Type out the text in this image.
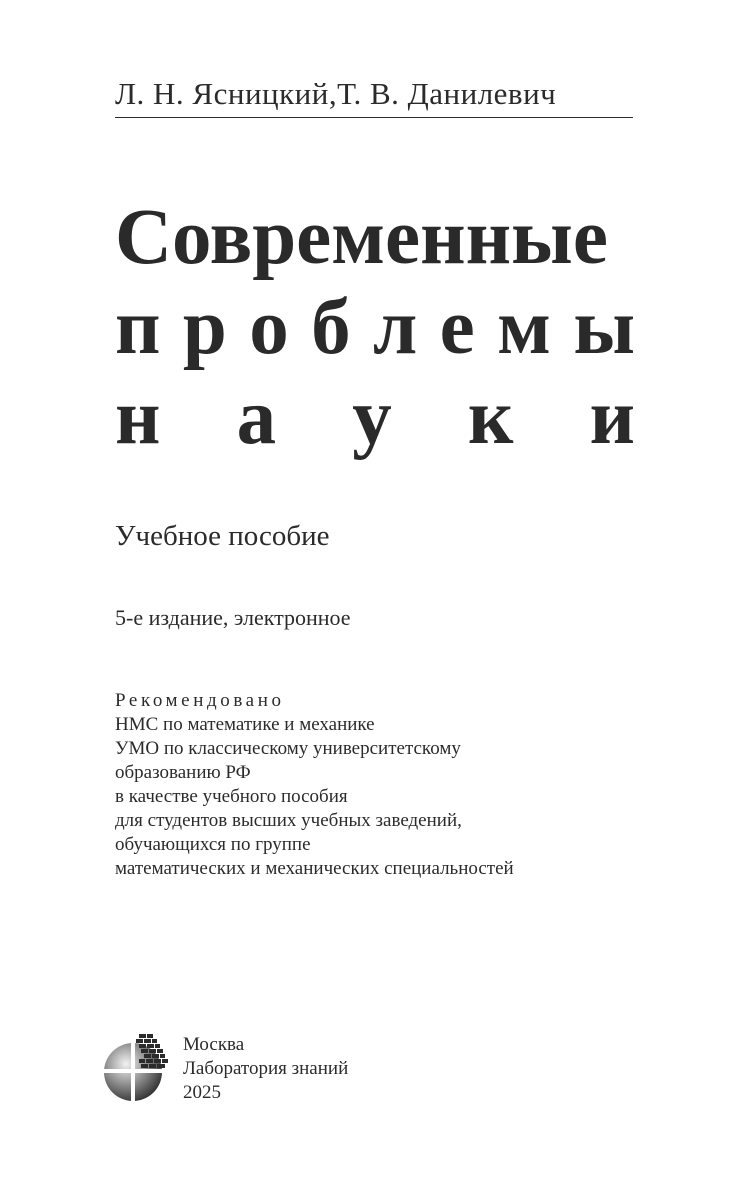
Л. Н. Ясницкий,Т. В. Данилевич
Современные
п р о б л е м ы
н а у к и
Учебное пособие
5-е издание, электронное
Рекомендовано
НМС по математике и механике
УМО по классическому университетскому
образованию РФ
в качестве учебного пособия
для студентов высших учебных заведений,
обучающихся по группе
математических и механических специальностей
Москва
Лаборатория знаний
2025
